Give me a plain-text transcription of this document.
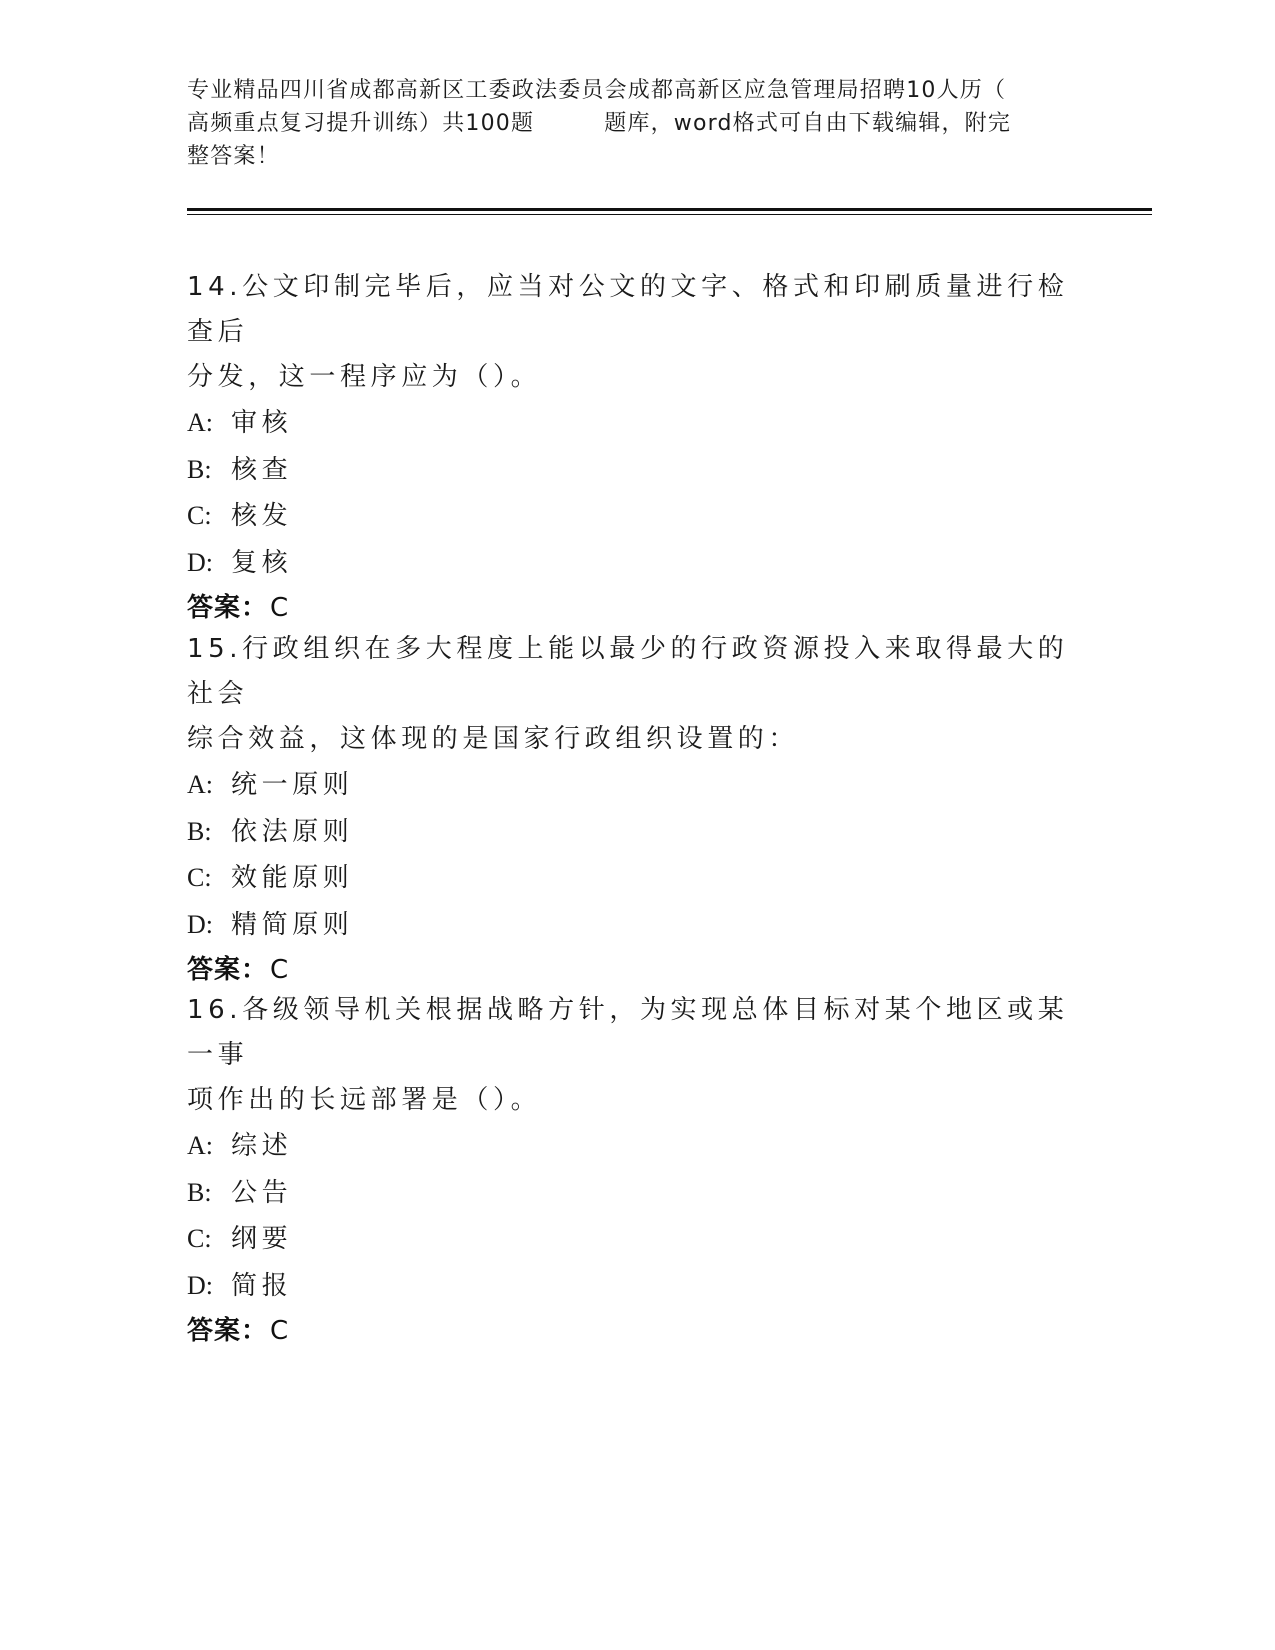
专业精品四川省成都高新区工委政法委员会成都高新区应急管理局招聘10人历（
高频重点复习提升训练）共100题	题库，word格式可自由下载编辑，附完
整答案！
14.公文印制完毕后，应当对公文的文字、格式和印刷质量进行检查后
分发，这一程序应为（）。
A: 审核
B: 核查
C: 核发
D: 复核
答案：C
15.行政组织在多大程度上能以最少的行政资源投入来取得最大的社会
综合效益，这体现的是国家行政组织设置的：
A: 统一原则
B: 依法原则
C: 效能原则
D: 精简原则
答案：C
16.各级领导机关根据战略方针，为实现总体目标对某个地区或某一事
项作出的长远部署是（）。
A: 综述
B: 公告
C: 纲要
D: 简报
答案：C
